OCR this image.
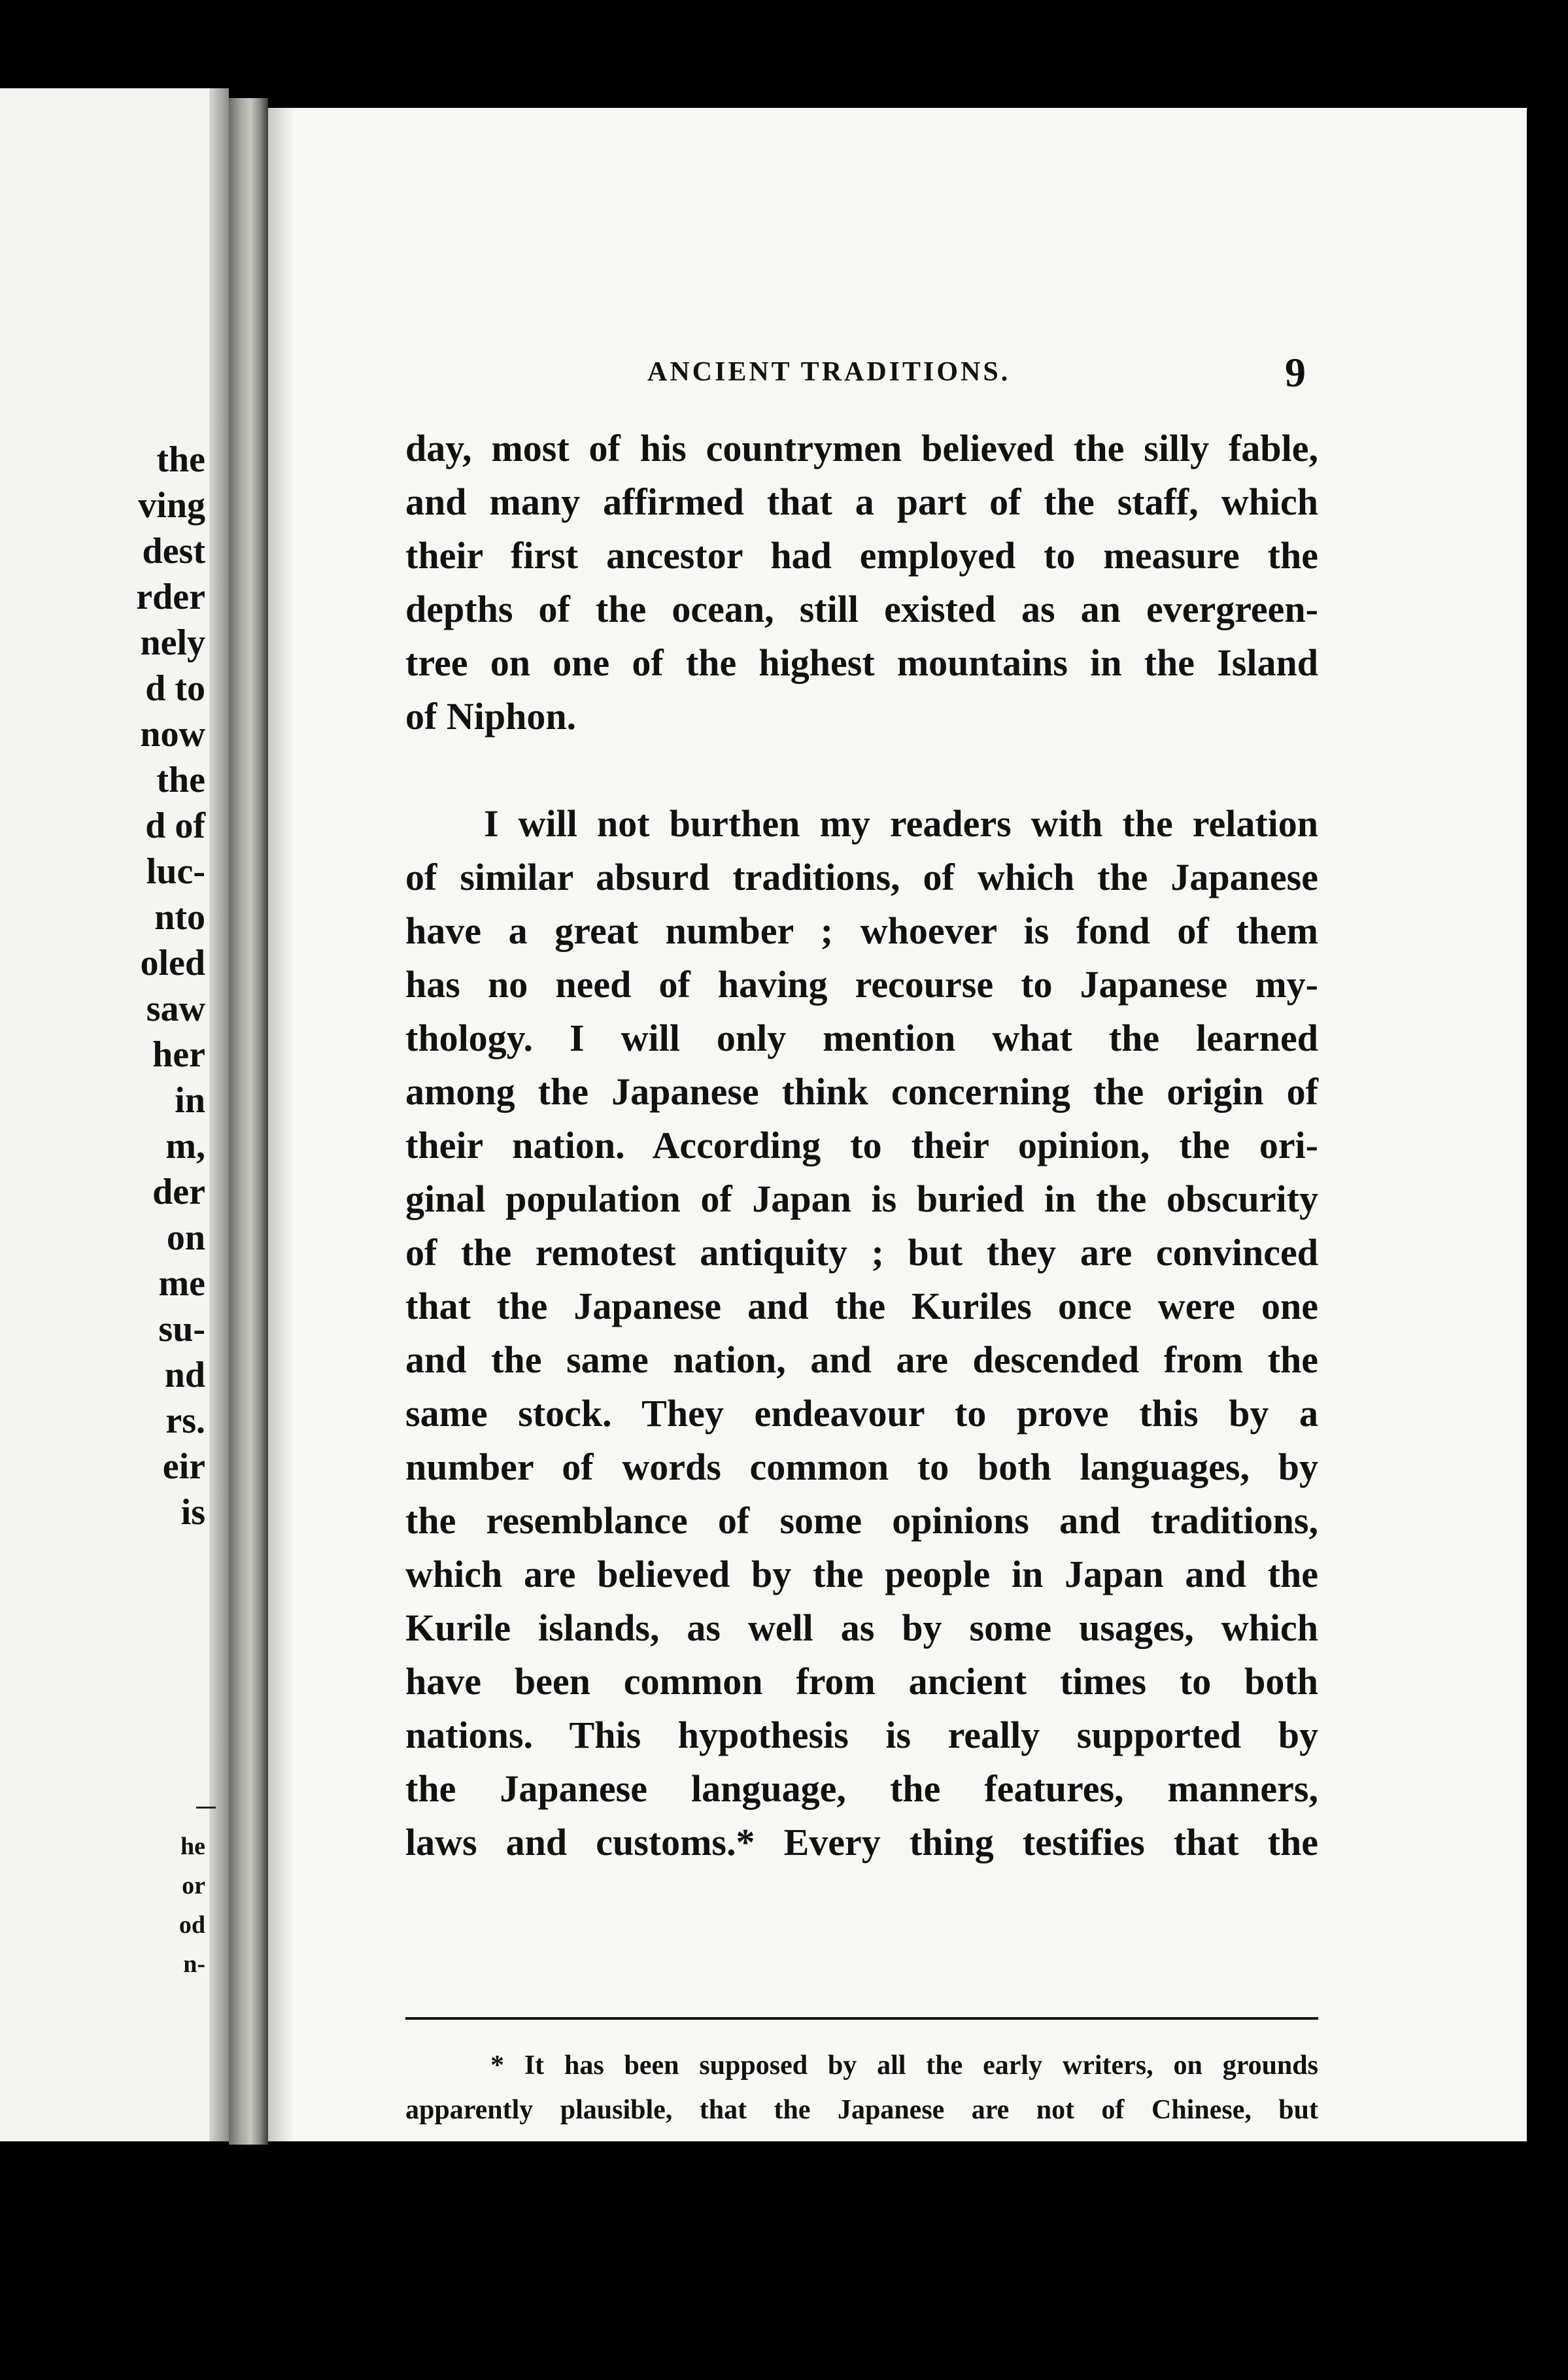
the
ving
dest
rder
nely
d to
now
the
d of
luc-
nto
oled
saw
her
in
m,
der
on
me
su-
nd
rs.
eir
is
he
or
od
n-
ANCIENT TRADITIONS.	9
day, most of his countrymen believed the silly fable,
and many affirmed that a part of the staff, which
their first ancestor had employed to measure the
depths of the ocean, still existed as an evergreen-
tree on one of the highest mountains in the Island
of Niphon.
I will not burthen my readers with the relation
of similar absurd traditions, of which the Japanese
have a great number ; whoever is fond of them
has no need of having recourse to Japanese my-
thology. I will only mention what the learned
among the Japanese think concerning the origin of
their nation. According to their opinion, the ori-
ginal population of Japan is buried in the obscurity
of the remotest antiquity ; but they are convinced
that the Japanese and the Kuriles once were one
and the same nation, and are descended from the
same stock. They endeavour to prove this by a
number of words common to both languages, by
the resemblance of some opinions and traditions,
which are believed by the people in Japan and the
Kurile islands, as well as by some usages, which
have been common from ancient times to both
nations. This hypothesis is really supported by
the Japanese language, the features, manners,
laws and customs.* Every thing testifies that the
* It has been supposed by all the early writers, on grounds
apparently plausible, that the Japanese are not of Chinese, but
